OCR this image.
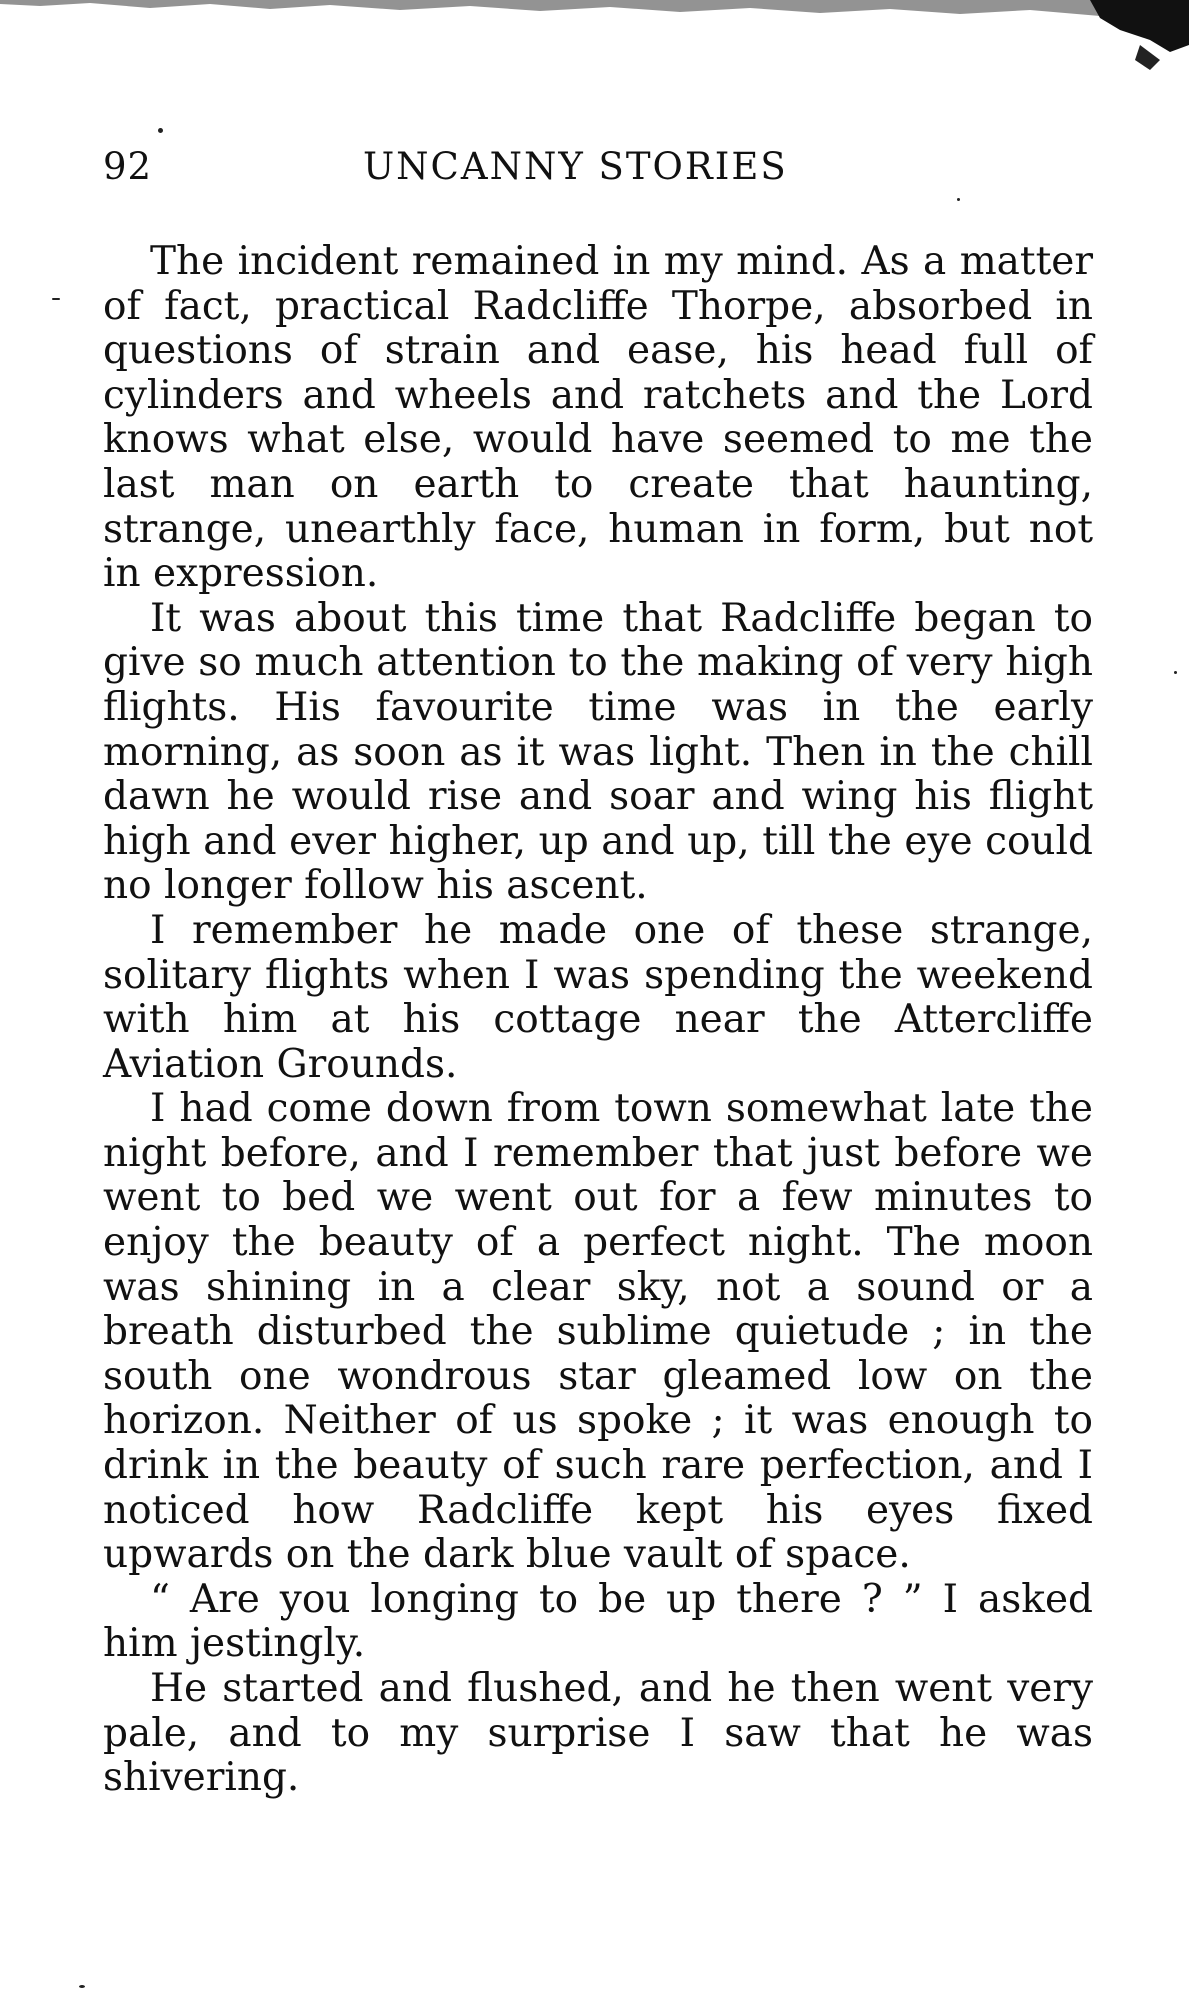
92	UNCANNY STORIES

The incident remained in my mind. As a matter of fact, practical Radcliffe Thorpe, absorbed in questions of strain and ease, his head full of cylinders and wheels and ratchets and the Lord knows what else, would have seemed to me the last man on earth to create that haunting, strange, unearthly face, human in form, but not in expression.

It was about this time that Radcliffe began to give so much attention to the making of very high flights. His favourite time was in the early morning, as soon as it was light. Then in the chill dawn he would rise and soar and wing his flight high and ever higher, up and up, till the eye could no longer follow his ascent.

I remember he made one of these strange, solitary flights when I was spending the weekend with him at his cottage near the Attercliffe Aviation Grounds.

I had come down from town somewhat late the night before, and I remember that just before we went to bed we went out for a few minutes to enjoy the beauty of a perfect night. The moon was shining in a clear sky, not a sound or a breath disturbed the sublime quietude ; in the south one wondrous star gleamed low on the horizon. Neither of us spoke ; it was enough to drink in the beauty of such rare perfection, and I noticed how Radcliffe kept his eyes fixed upwards on the dark blue vault of space.

“ Are you longing to be up there ? ” I asked him jestingly.

He started and flushed, and he then went very pale, and to my surprise I saw that he was shivering.
